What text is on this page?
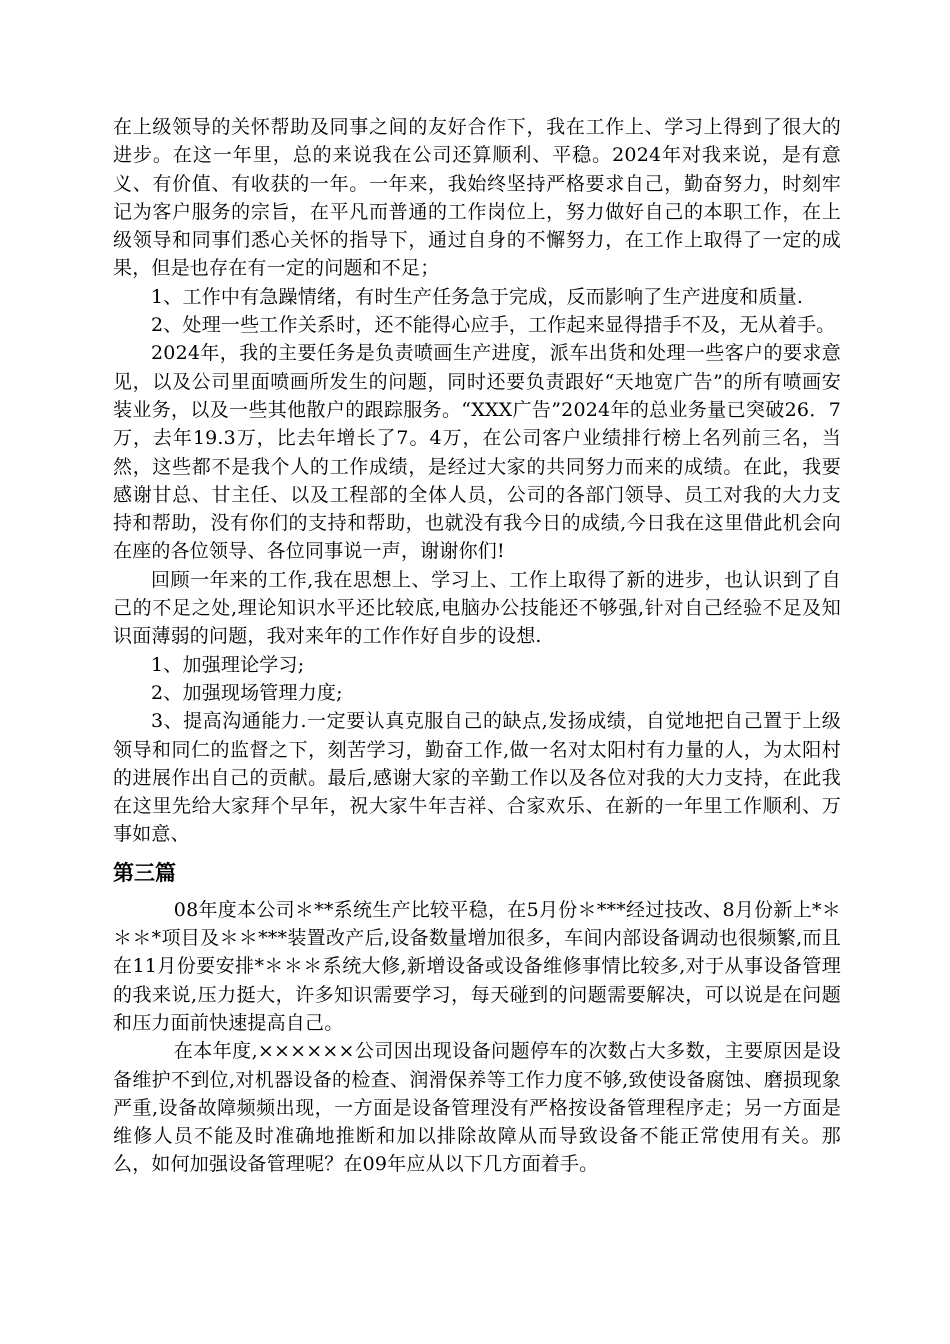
在上级领导的关怀帮助及同事之间的友好合作下，我在工作上、学习上得到了很大的进步。在这一年里，总的来说我在公司还算顺利、平稳。2024年对我来说，是有意义、有价值、有收获的一年。一年来，我始终坚持严格要求自己，勤奋努力，时刻牢记为客户服务的宗旨，在平凡而普通的工作岗位上，努力做好自己的本职工作，在上级领导和同事们悉心关怀的指导下，通过自身的不懈努力，在工作上取得了一定的成果，但是也存在有一定的问题和不足；

1、工作中有急躁情绪，有时生产任务急于完成，反而影响了生产进度和质量.

2、处理一些工作关系时，还不能得心应手，工作起来显得措手不及，无从着手。

2024年，我的主要任务是负责喷画生产进度，派车出货和处理一些客户的要求意见，以及公司里面喷画所发生的问题，同时还要负责跟好“天地宽广告”的所有喷画安装业务，以及一些其他散户的跟踪服务。“XXX广告”2024年的总业务量已突破26．7万，去年19.3万，比去年增长了7。4万，在公司客户业绩排行榜上名列前三名，当然，这些都不是我个人的工作成绩，是经过大家的共同努力而来的成绩。在此，我要感谢甘总、甘主任、以及工程部的全体人员，公司的各部门领导、员工对我的大力支持和帮助，没有你们的支持和帮助，也就没有我今日的成绩,今日我在这里借此机会向在座的各位领导、各位同事说一声，谢谢你们!

回顾一年来的工作,我在思想上、学习上、工作上取得了新的进步，也认识到了自己的不足之处,理论知识水平还比较底,电脑办公技能还不够强,针对自己经验不足及知识面薄弱的问题，我对来年的工作作好自步的设想.

1、加强理论学习;

2、加强现场管理力度;

3、提高沟通能力.一定要认真克服自己的缺点,发扬成绩，自觉地把自己置于上级领导和同仁的监督之下，刻苦学习，勤奋工作,做一名对太阳村有力量的人，为太阳村的进展作出自己的贡献。最后,感谢大家的辛勤工作以及各位对我的大力支持，在此我在这里先给大家拜个早年，祝大家牛年吉祥、合家欢乐、在新的一年里工作顺利、万事如意、

第三篇

08年度本公司＊**系统生产比较平稳，在5月份＊***经过技改、8月份新上*＊＊＊*项目及＊＊***装置改产后,设备数量增加很多，车间内部设备调动也很频繁,而且在11月份要安排*＊＊＊系统大修,新增设备或设备维修事情比较多,对于从事设备管理的我来说,压力挺大，许多知识需要学习，每天碰到的问题需要解决，可以说是在问题和压力面前快速提高自己。

在本年度,××××××公司因出现设备问题停车的次数占大多数，主要原因是设备维护不到位,对机器设备的检查、润滑保养等工作力度不够,致使设备腐蚀、磨损现象严重,设备故障频频出现，一方面是设备管理没有严格按设备管理程序走；另一方面是维修人员不能及时准确地推断和加以排除故障从而导致设备不能正常使用有关。那么，如何加强设备管理呢？在09年应从以下几方面着手。
